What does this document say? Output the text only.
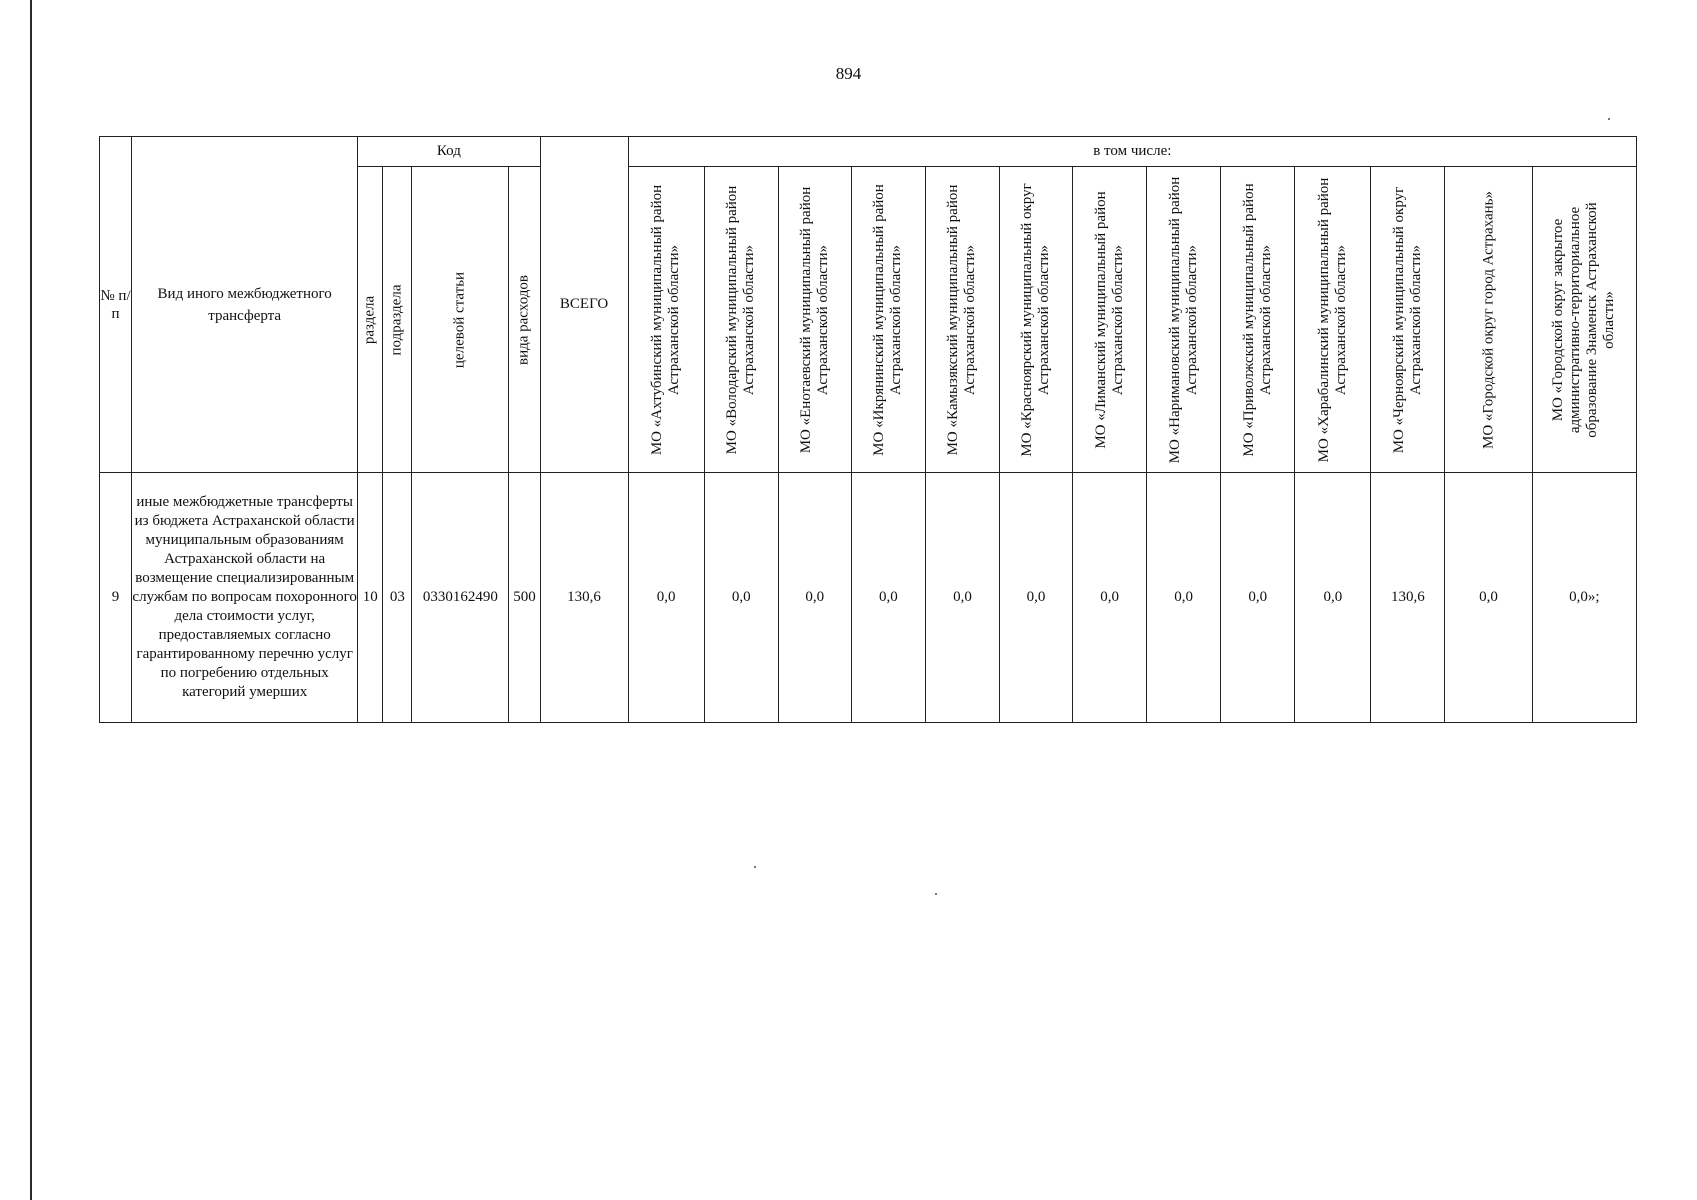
894
№ п/п	Вид иного межбюджетного трансферта	Код				ВСЕГО	в том числе:												

		раздела	подраздела	целевой статьи	вида расходов		МО «Ахтубинский муниципальный район Астраханской области»	МО «Володарский муниципальный район Астраханской области»	МО «Енотаевский муниципальный район Астраханской области»	МО «Икрянинский муниципальный район Астраханской области»	МО «Камызякский муниципальный район Астраханской области»	МО «Красноярский муниципальный округ Астраханской области»	МО «Лиманский муниципальный район Астраханской области»	МО «Наримановский муниципальный район Астраханской области»	МО «Приволжский муниципальный район Астраханской области»	МО «Харабалинский муниципальный район Астраханской области»	МО «Черноярский муниципальный округ Астраханской области»	МО «Городской округ город Астрахань»	МО «Городской округ закрытое административно-территориальное образование Знаменск Астраханской области»

9	иные межбюджетные трансферты из бюджета Астраханской области муниципальным образованиям Астраханской области на возмещение специализированным службам по вопросам похоронного дела стоимости услуг, предоставляемых согласно гарантированному перечню услуг по погребению отдельных категорий умерших	10	03	0330162490	500	130,6	0,0	0,0	0,0	0,0	0,0	0,0	0,0	0,0	0,0	0,0	130,6	0,0	0,0»;
